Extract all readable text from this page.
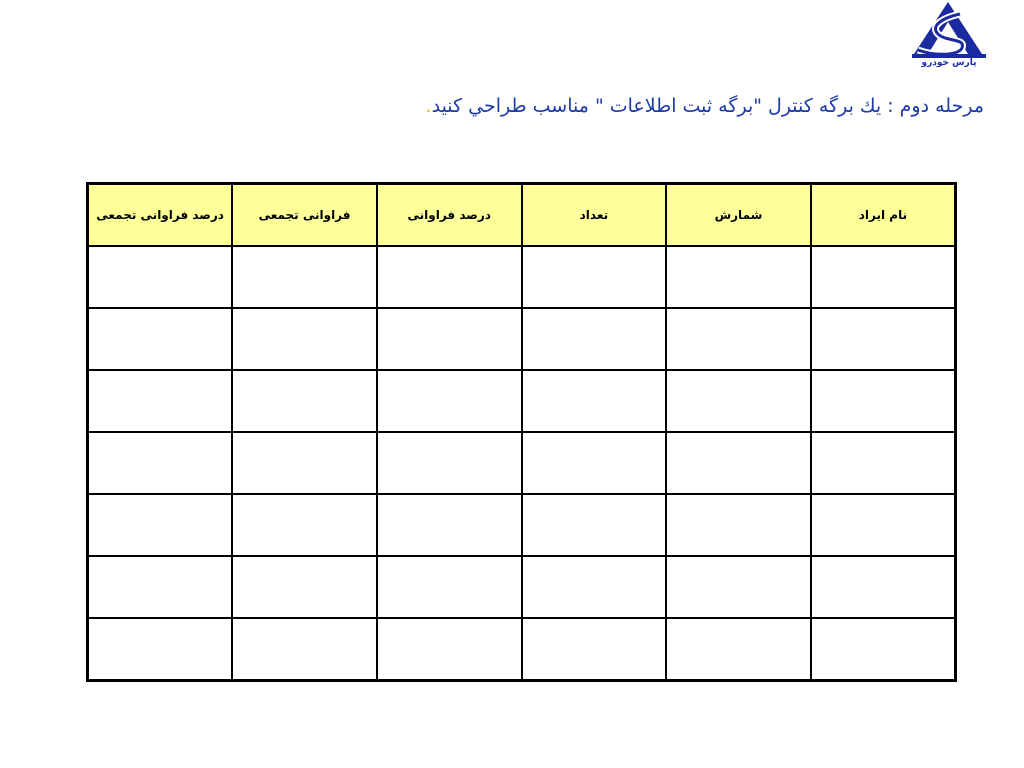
پارس خودرو
مرحله دوم : يك برگه كنترل "برگه ثبت اطلاعات " مناسب طراحي كنيد.
نام ایراد	شمارش	تعداد	درصد فراوانی	فراوانی تجمعی	درصد فراوانی تجمعی
